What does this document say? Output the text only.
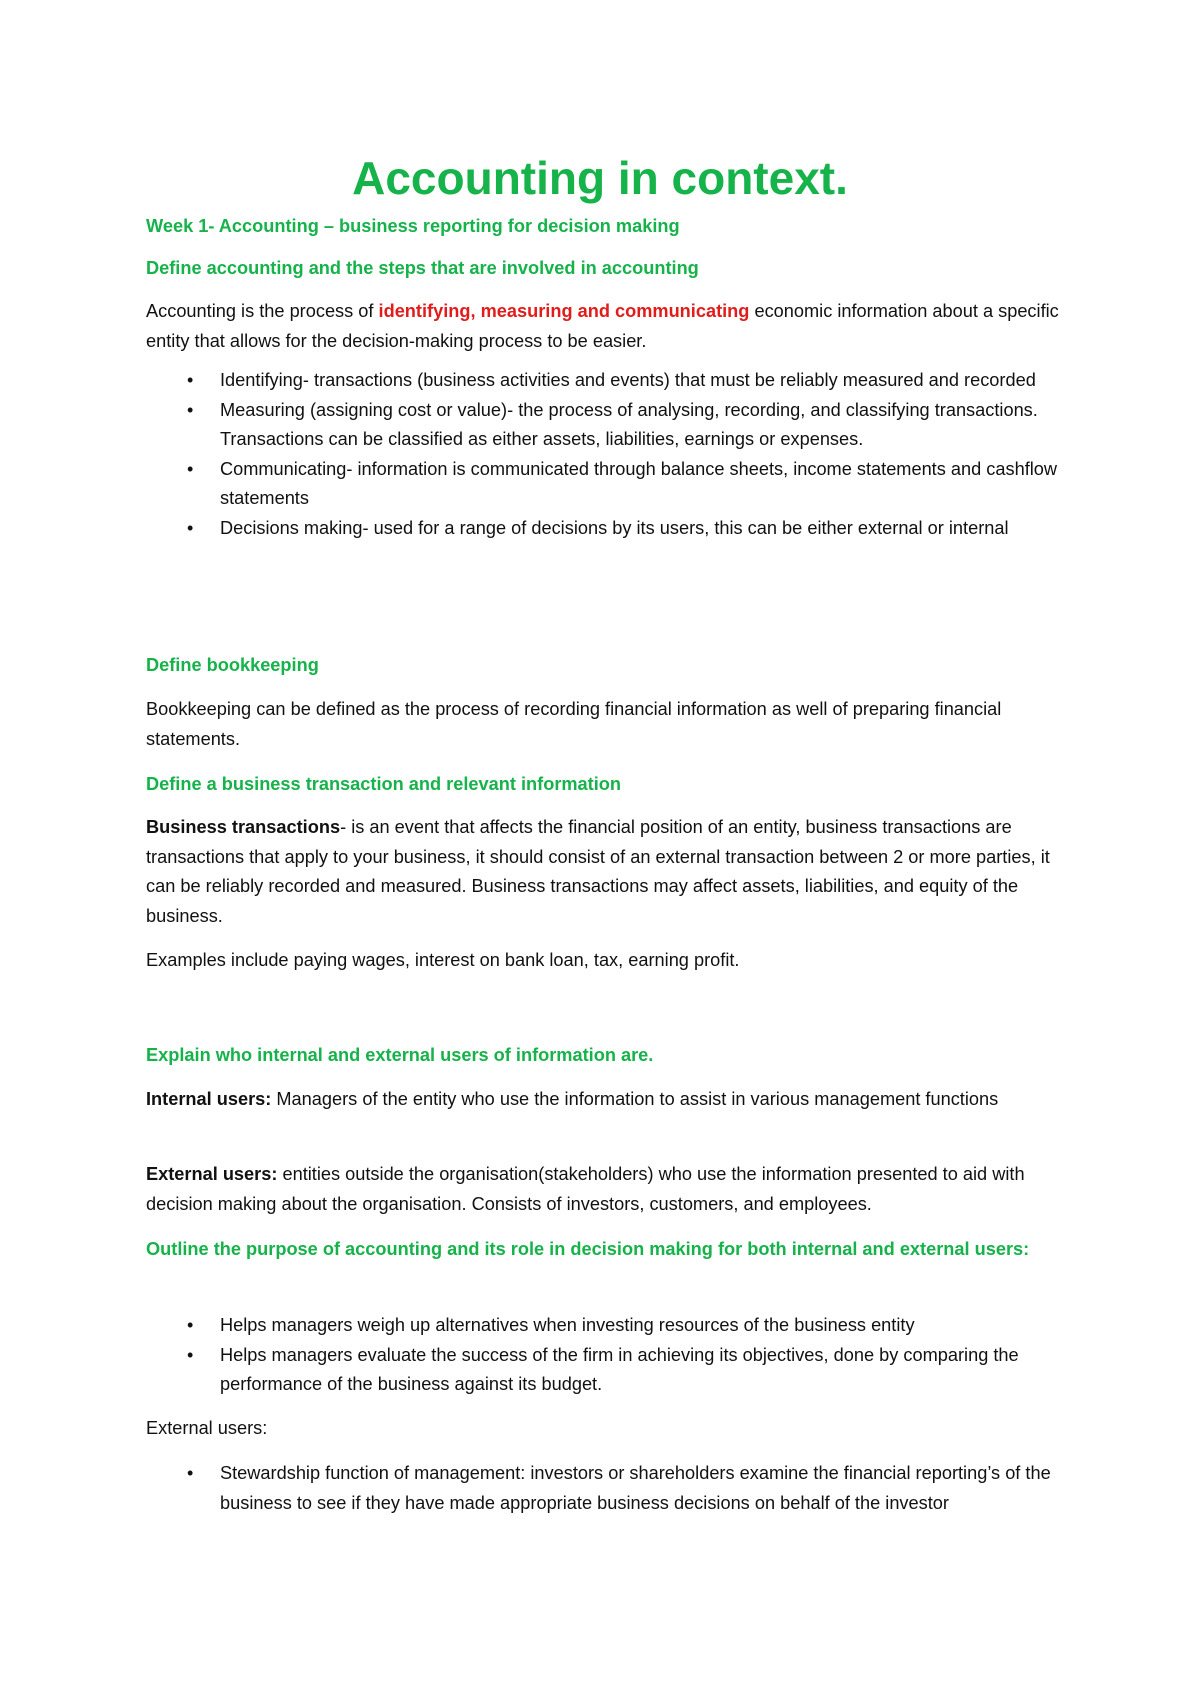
Accounting in context.

Week 1- Accounting – business reporting for decision making

Define accounting and the steps that are involved in accounting

Accounting is the process of identifying, measuring and communicating economic information about a specific entity that allows for the decision-making process to be easier.

• Identifying- transactions (business activities and events) that must be reliably measured and recorded
• Measuring (assigning cost or value)- the process of analysing, recording, and classifying transactions. Transactions can be classified as either assets, liabilities, earnings or expenses.
• Communicating- information is communicated through balance sheets, income statements and cashflow statements
• Decisions making- used for a range of decisions by its users, this can be either external or internal

Define bookkeeping

Bookkeeping can be defined as the process of recording financial information as well of preparing financial statements.

Define a business transaction and relevant information

Business transactions- is an event that affects the financial position of an entity, business transactions are transactions that apply to your business, it should consist of an external transaction between 2 or more parties, it can be reliably recorded and measured. Business transactions may affect assets, liabilities, and equity of the business.

Examples include paying wages, interest on bank loan, tax, earning profit.

Explain who internal and external users of information are.

Internal users: Managers of the entity who use the information to assist in various management functions

External users: entities outside the organisation(stakeholders) who use the information presented to aid with decision making about the organisation. Consists of investors, customers, and employees.

Outline the purpose of accounting and its role in decision making for both internal and external users:

• Helps managers weigh up alternatives when investing resources of the business entity
• Helps managers evaluate the success of the firm in achieving its objectives, done by comparing the performance of the business against its budget.

External users:

• Stewardship function of management: investors or shareholders examine the financial reporting’s of the business to see if they have made appropriate business decisions on behalf of the investor
